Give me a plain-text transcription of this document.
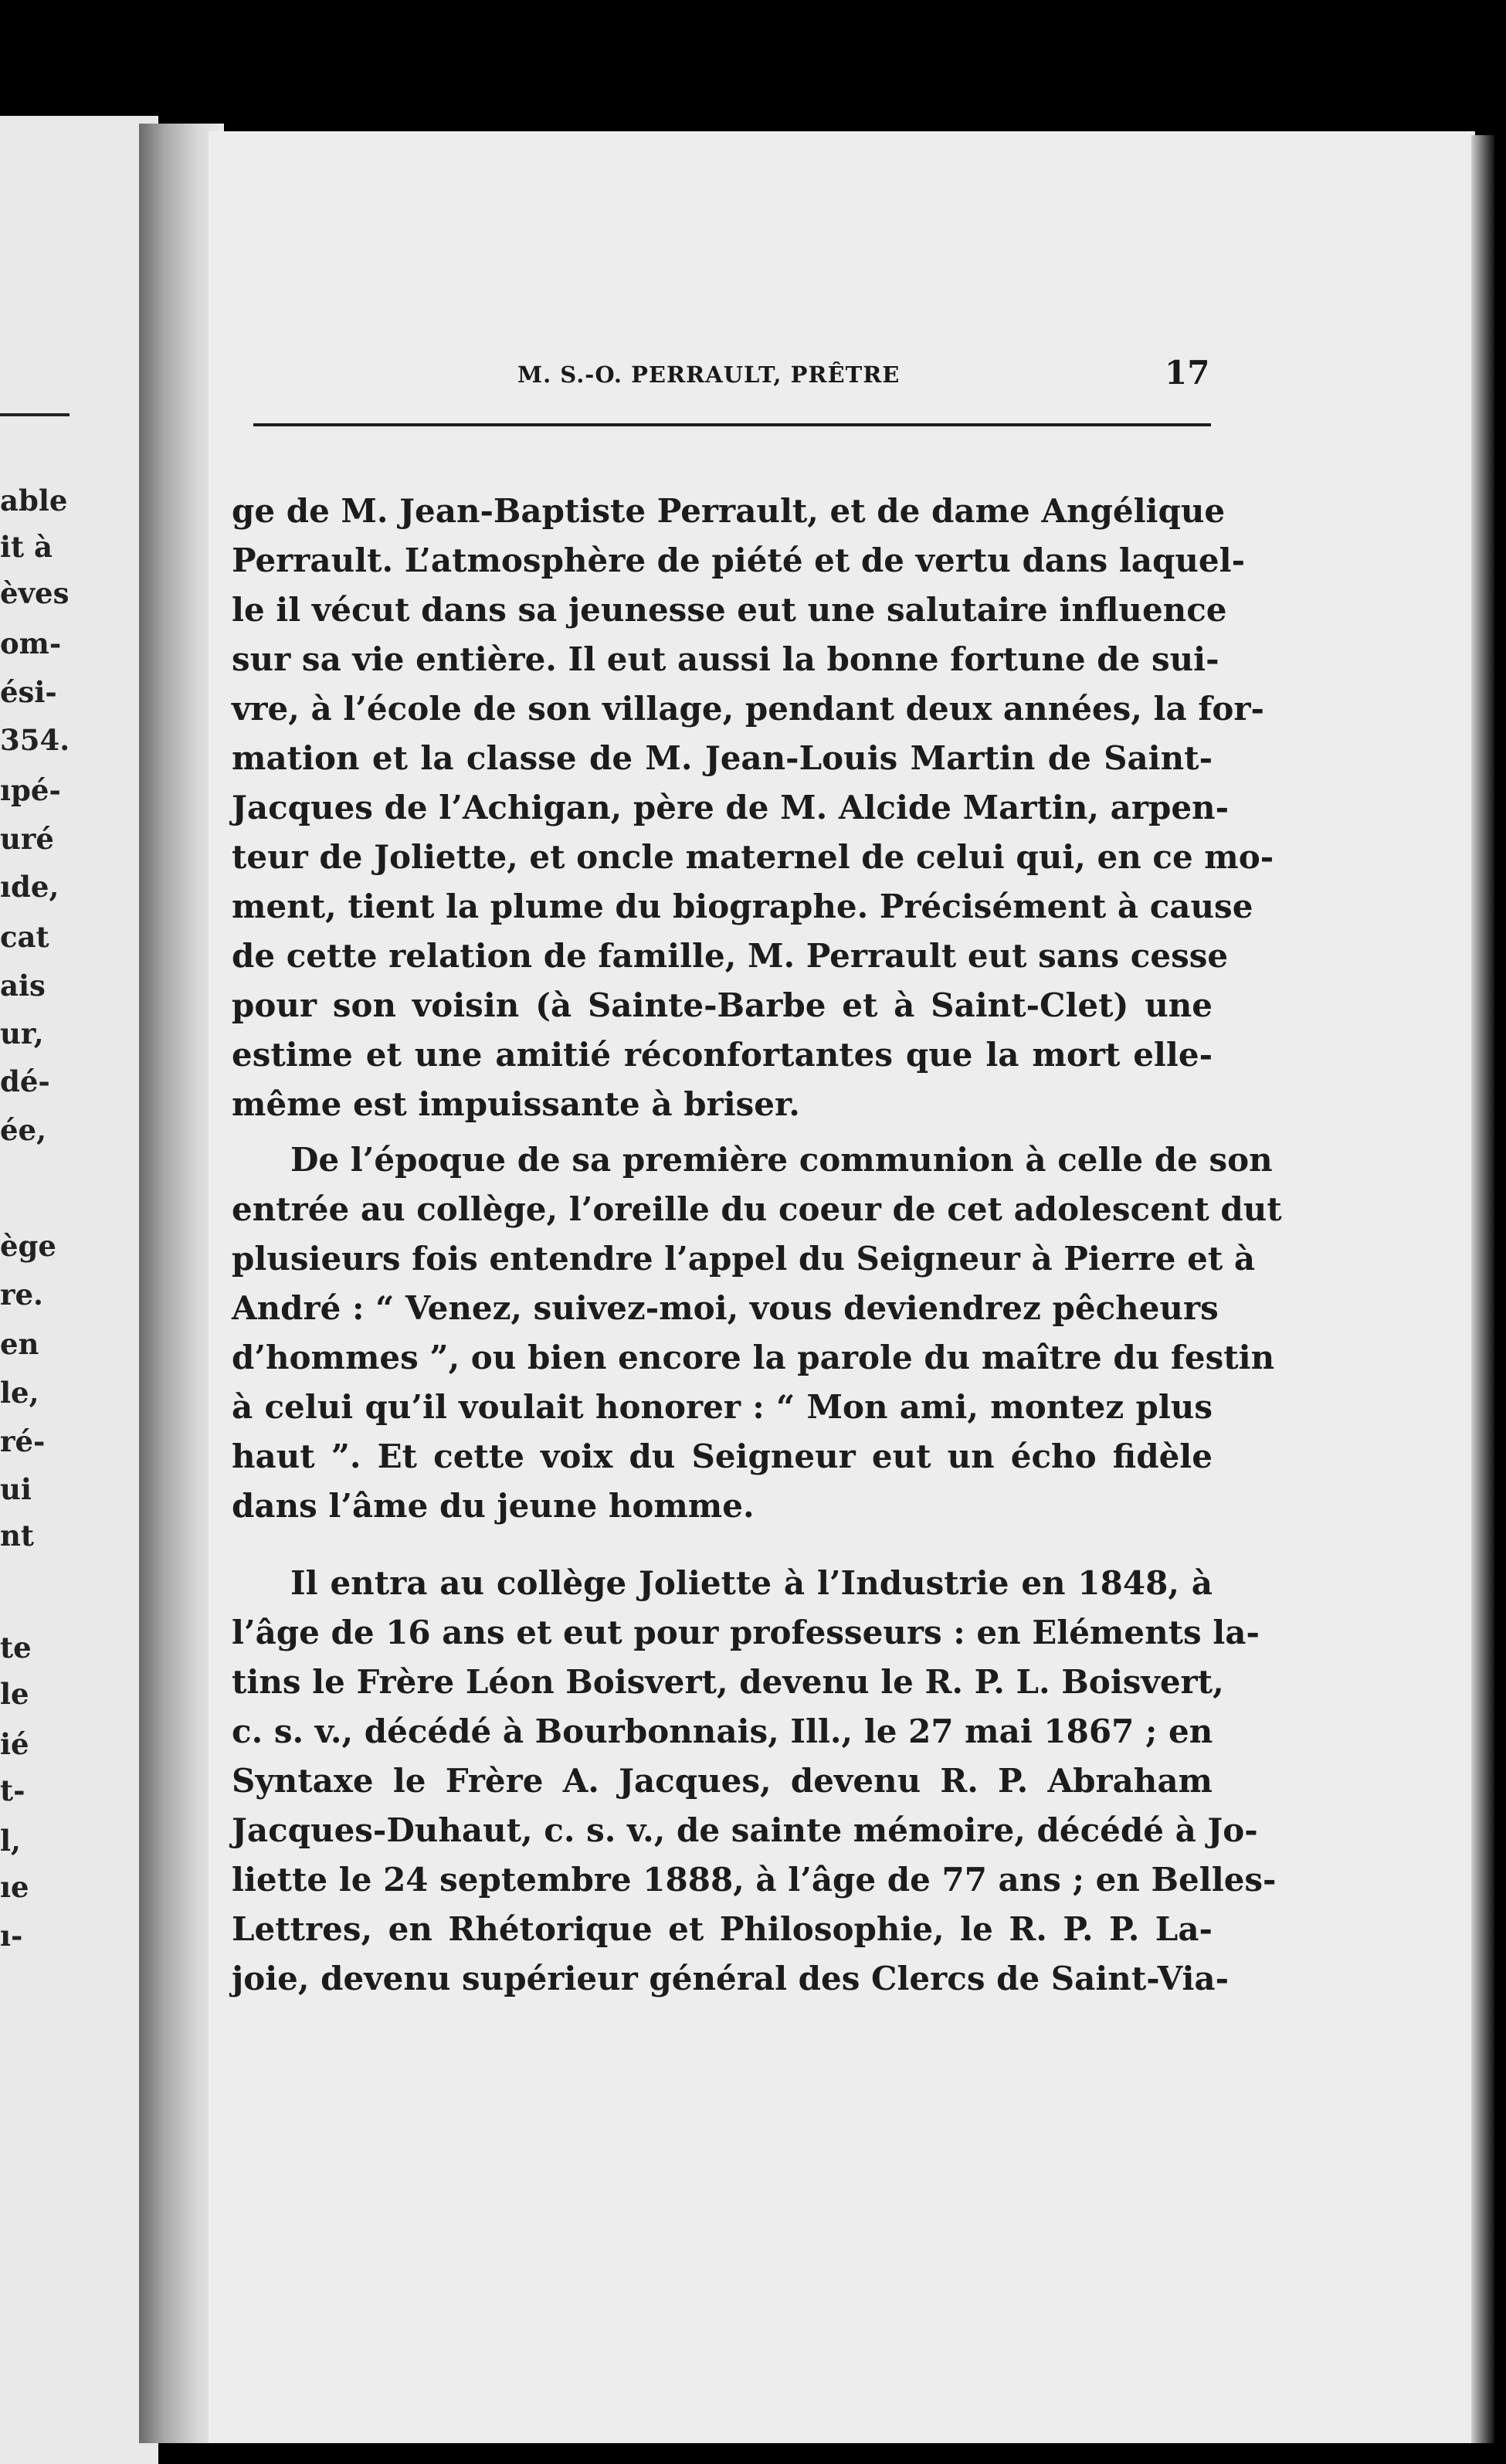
able

it à

èves

om-

ési-

354.

ıpé-

uré

ıde,

cat

ais

ur,

dé-

ée,

ège

re.

en

le,

ré-

ui

nt

te

le

ié

t-

l,

ıe

ı-

M. S.-O. PERRAULT, PRÊTRE	17

ge de M. Jean-Baptiste Perrault, et de dame Angélique
Perrault. L’atmosphère de piété et de vertu dans laquel-
le il vécut dans sa jeunesse eut une salutaire influence
sur sa vie entière. Il eut aussi la bonne fortune de sui-
vre, à l’école de son village, pendant deux années, la for-
mation et la classe de M. Jean-Louis Martin de Saint-
Jacques de l’Achigan, père de M. Alcide Martin, arpen-
teur de Joliette, et oncle maternel de celui qui, en ce mo-
ment, tient la plume du biographe. Précisément à cause
de cette relation de famille, M. Perrault eut sans cesse
pour son voisin (à Sainte-Barbe et à Saint-Clet) une
estime et une amitié réconfortantes que la mort elle-
même est impuissante à briser.
De l’époque de sa première communion à celle de son
entrée au collège, l’oreille du coeur de cet adolescent dut
plusieurs fois entendre l’appel du Seigneur à Pierre et à
André : “ Venez, suivez-moi, vous deviendrez pêcheurs
d’hommes ”, ou bien encore la parole du maître du festin
à celui qu’il voulait honorer : “ Mon ami, montez plus
haut ”. Et cette voix du Seigneur eut un écho fidèle
dans l’âme du jeune homme.
Il entra au collège Joliette à l’Industrie en 1848, à
l’âge de 16 ans et eut pour professeurs : en Eléments la-
tins le Frère Léon Boisvert, devenu le R. P. L. Boisvert,
c. s. v., décédé à Bourbonnais, Ill., le 27 mai 1867 ; en
Syntaxe le Frère A. Jacques, devenu R. P. Abraham
Jacques-Duhaut, c. s. v., de sainte mémoire, décédé à Jo-
liette le 24 septembre 1888, à l’âge de 77 ans ; en Belles-
Lettres, en Rhétorique et Philosophie, le R. P. P. La-
joie, devenu supérieur général des Clercs de Saint-Via-
